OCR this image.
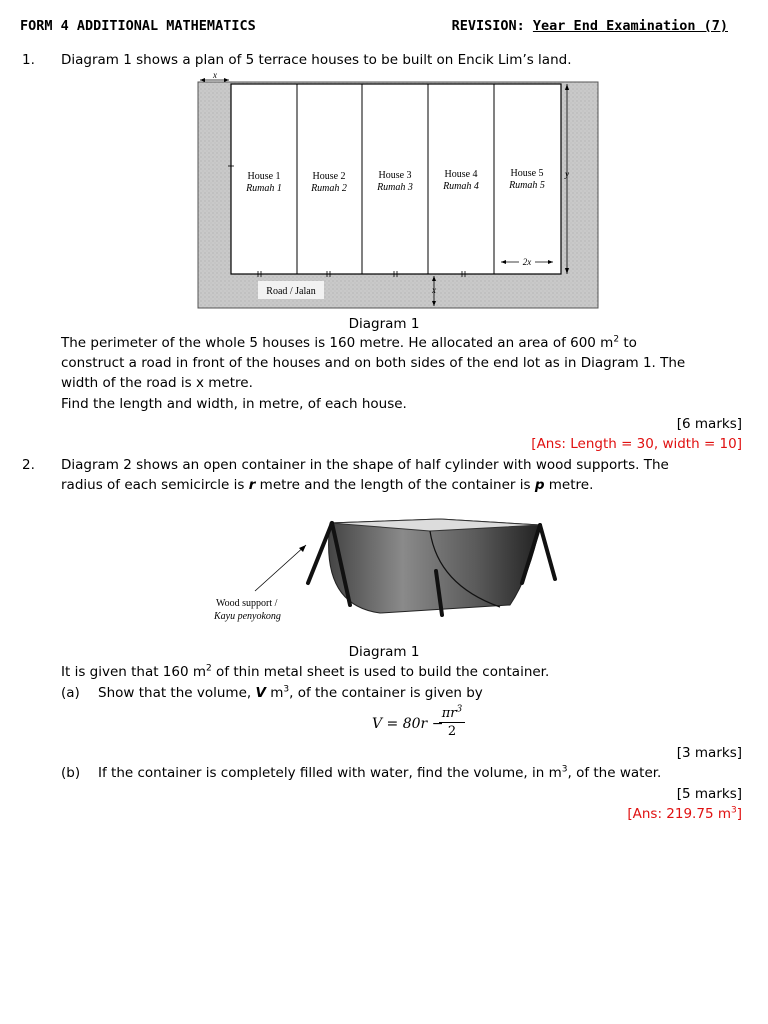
FORM 4 ADDITIONAL MATHEMATICS	REVISION: Year End Examination (7)
1. Diagram 1 shows a plan of 5 terrace houses to be built on Encik Lim’s land.
House 1
Rumah 1
House 2
Rumah 2
House 3
Rumah 3
House 4
Rumah 4
House 5
Rumah 5
x
y
2x
x
Road / Jalan
Diagram 1
The perimeter of the whole 5 houses is 160 metre. He allocated an area of 600 $m^2$ to
construct a road in front of the houses and on both sides of the end lot as in Diagram 1. The
width of the road is x metre.
Find the length and width, in metre, of each house.
[6 marks]
[Ans: Length = 30, width = 10]
2. Diagram 2 shows an open container in the shape of half cylinder with wood supports. The
radius of each semicircle is r metre and the length of the container is p metre.
Wood support /
Kayu penyokong
Diagram 1
It is given that 160 $m^2$ of thin metal sheet is used to build the container.
(a) Show that the volume, V $m^3$, of the container is given by
V = 80r −
$\frac{\pi r^3}{2}$
[3 marks]
(b) If the container is completely filled with water, find the volume, in $m^3$, of the water.
[5 marks]
[Ans: 219.75 $m^3$]
